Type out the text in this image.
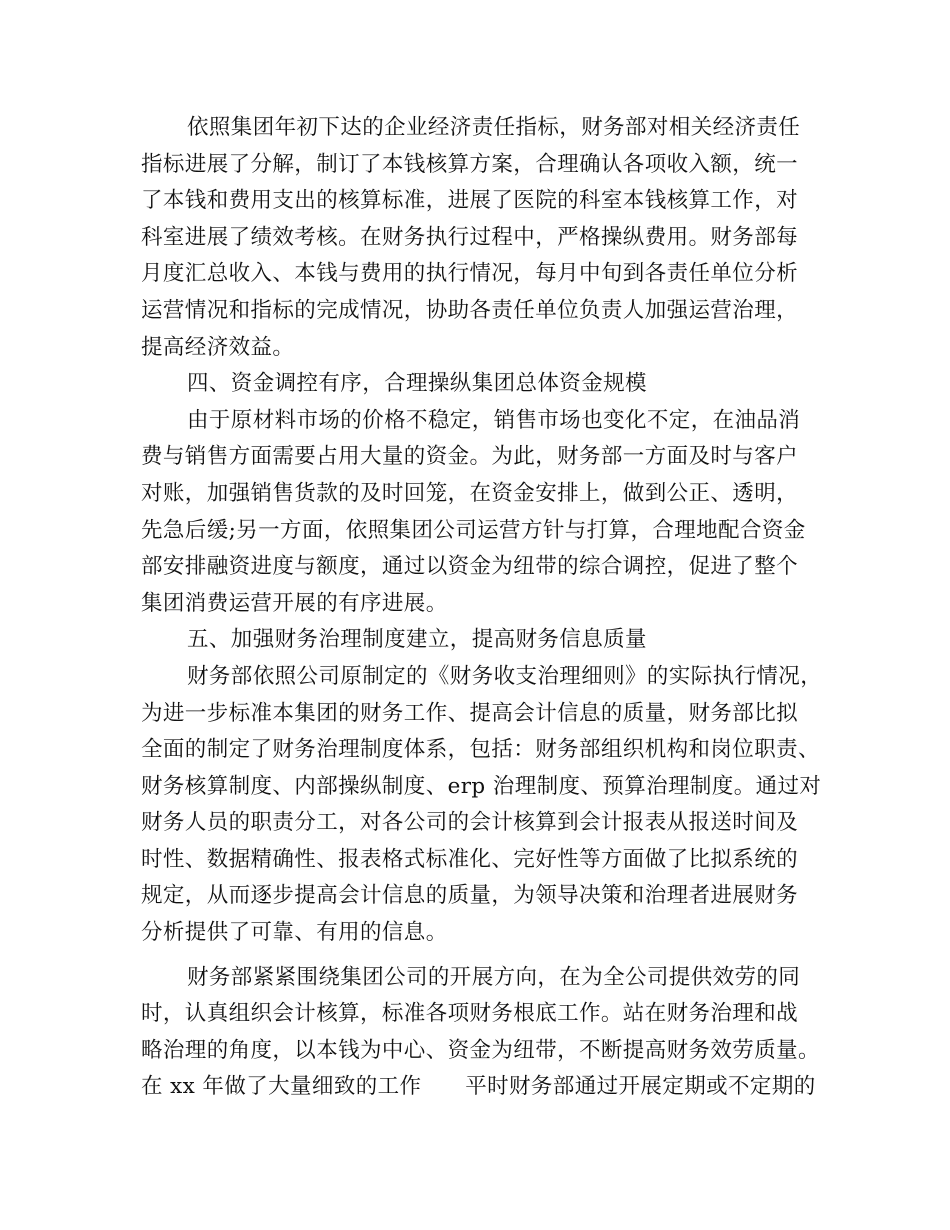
依照集团年初下达的企业经济责任指标，财务部对相关经济责任
指标进展了分解，制订了本钱核算方案，合理确认各项收入额，统一
了本钱和费用支出的核算标准，进展了医院的科室本钱核算工作，对
科室进展了绩效考核。在财务执行过程中，严格操纵费用。财务部每
月度汇总收入、本钱与费用的执行情况，每月中旬到各责任单位分析
运营情况和指标的完成情况，协助各责任单位负责人加强运营治理，
提高经济效益。
四、资金调控有序，合理操纵集团总体资金规模
由于原材料市场的价格不稳定，销售市场也变化不定，在油品消
费与销售方面需要占用大量的资金。为此，财务部一方面及时与客户
对账，加强销售货款的及时回笼，在资金安排上，做到公正、透明，
先急后缓;另一方面，依照集团公司运营方针与打算，合理地配合资金
部安排融资进度与额度，通过以资金为纽带的综合调控，促进了整个
集团消费运营开展的有序进展。
五、加强财务治理制度建立，提高财务信息质量
财务部依照公司原制定的《财务收支治理细则》的实际执行情况，
为进一步标准本集团的财务工作、提高会计信息的质量，财务部比拟
全面的制定了财务治理制度体系，包括：财务部组织机构和岗位职责、
财务核算制度、内部操纵制度、erp 治理制度、预算治理制度。通过对
财务人员的职责分工，对各公司的会计核算到会计报表从报送时间及
时性、数据精确性、报表格式标准化、完好性等方面做了比拟系统的
规定，从而逐步提高会计信息的质量，为领导决策和治理者进展财务
分析提供了可靠、有用的信息。
财务部紧紧围绕集团公司的开展方向，在为全公司提供效劳的同
时，认真组织会计核算，标准各项财务根底工作。站在财务治理和战
略治理的角度，以本钱为中心、资金为纽带，不断提高财务效劳质量。
在 xx 年做了大量细致的工作　　平时财务部通过开展定期或不定期的
